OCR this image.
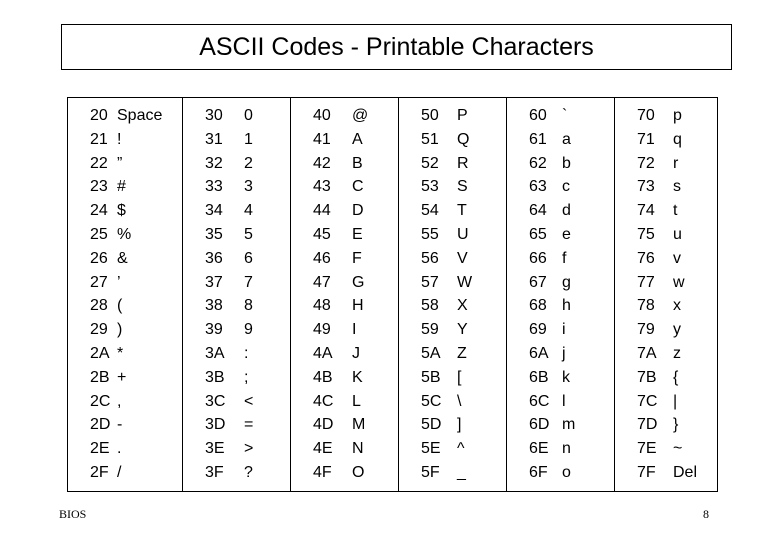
ASCII Codes - Printable Characters
20 Space
21 !
22 ”
23 #
24 $
25 %
26 &
27 ’
28 (
29 )
2A *
2B +
2C ,
2D -
2E .
2F /
30 0
31 1
32 2
33 3
34 4
35 5
36 6
37 7
38 8
39 9
3A :
3B ;
3C <
3D =
3E >
3F ?
40 @
41 A
42 B
43 C
44 D
45 E
46 F
47 G
48 H
49 I
4A J
4B K
4C L
4D M
4E N
4F O
50 P
51 Q
52 R
53 S
54 T
55 U
56 V
57 W
58 X
59 Y
5A Z
5B [
5C \
5D ]
5E ^
5F _
60 `
61 a
62 b
63 c
64 d
65 e
66 f
67 g
68 h
69 i
6A j
6B k
6C l
6D m
6E n
6F o
70 p
71 q
72 r
73 s
74 t
75 u
76 v
77 w
78 x
79 y
7A z
7B {
7C |
7D }
7E ~
7F Del
BIOS	8
